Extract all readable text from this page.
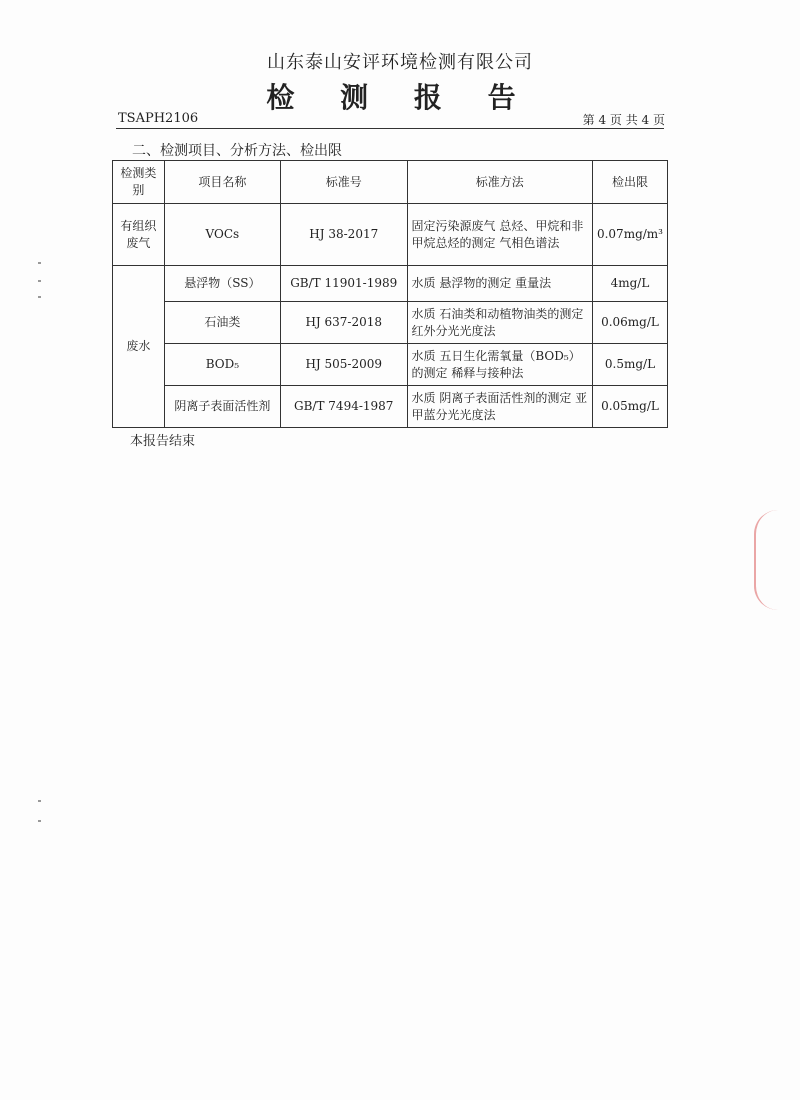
山东泰山安评环境检测有限公司
检 测 报 告
TSAPH2106	第 4 页 共 4 页
二、检测项目、分析方法、检出限
检测类别	项目名称	标准号	标准方法	检出限
有组织废气	VOCs	HJ 38-2017	固定污染源废气 总烃、甲烷和非甲烷总烃的测定 气相色谱法	0.07mg/m³
废水	悬浮物（SS）	GB/T 11901-1989	水质 悬浮物的测定 重量法	4mg/L
	石油类	HJ 637-2018	水质 石油类和动植物油类的测定 红外分光光度法	0.06mg/L
	BOD₅	HJ 505-2009	水质 五日生化需氧量（BOD₅）的测定 稀释与接种法	0.5mg/L
	阴离子表面活性剂	GB/T 7494-1987	水质 阴离子表面活性剂的测定 亚甲蓝分光光度法	0.05mg/L
本报告结束
